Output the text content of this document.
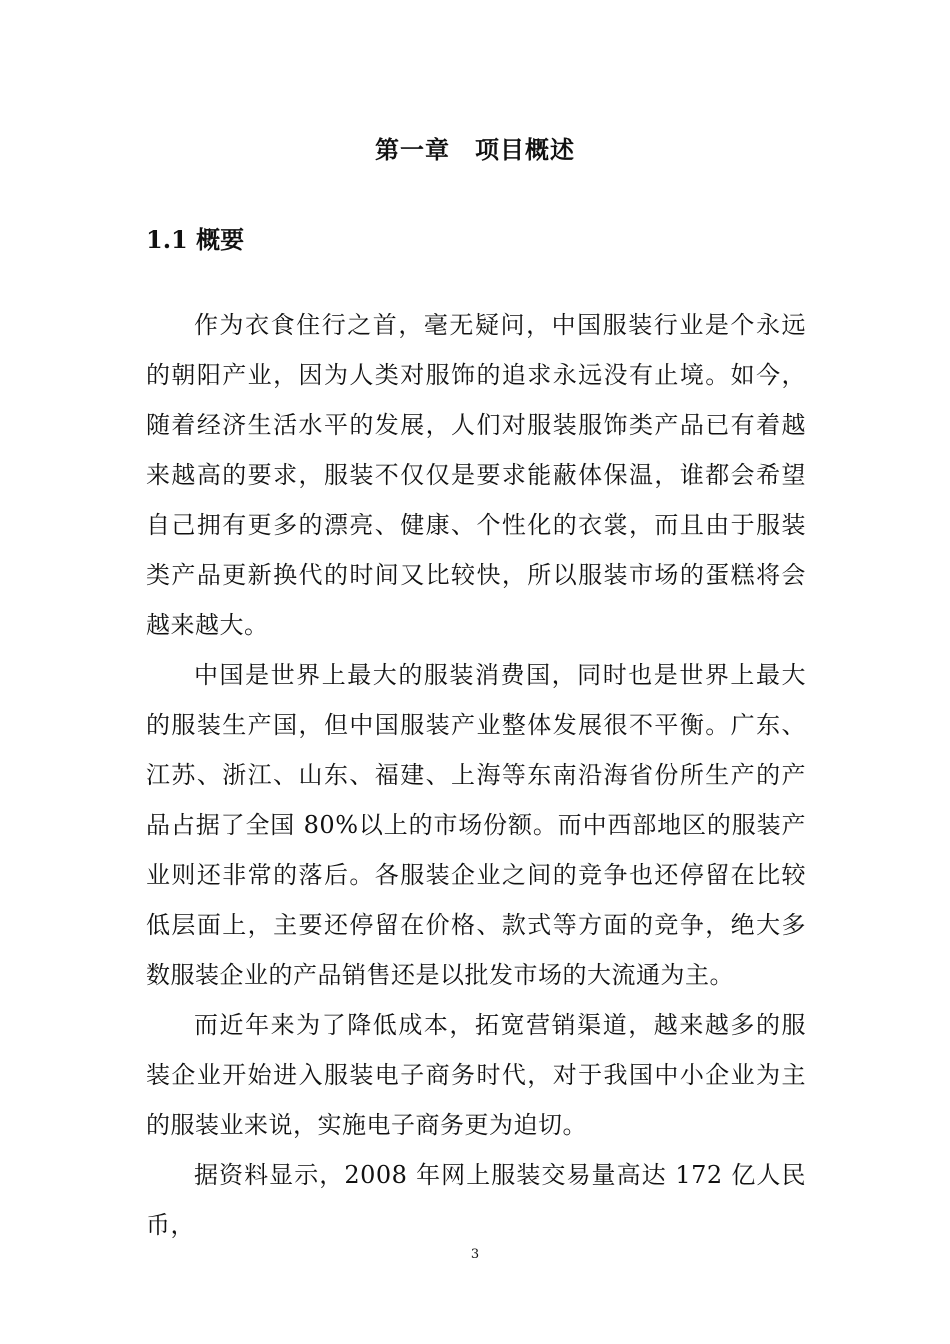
第一章　项目概述
1.1 概要

作为衣食住行之首，毫无疑问，中国服装行业是个永远的朝阳产业，因为人类对服饰的追求永远没有止境。如今，随着经济生活水平的发展，人们对服装服饰类产品已有着越来越高的要求，服装不仅仅是要求能蔽体保温，谁都会希望自己拥有更多的漂亮、健康、个性化的衣裳，而且由于服装类产品更新换代的时间又比较快，所以服装市场的蛋糕将会越来越大。

中国是世界上最大的服装消费国，同时也是世界上最大的服装生产国，但中国服装产业整体发展很不平衡。广东、江苏、浙江、山东、福建、上海等东南沿海省份所生产的产品占据了全国 80%以上的市场份额。而中西部地区的服装产业则还非常的落后。各服装企业之间的竞争也还停留在比较低层面上，主要还停留在价格、款式等方面的竞争，绝大多数服装企业的产品销售还是以批发市场的大流通为主。

而近年来为了降低成本，拓宽营销渠道，越来越多的服装企业开始进入服装电子商务时代，对于我国中小企业为主的服装业来说，实施电子商务更为迫切。

据资料显示，2008 年网上服装交易量高达 172 亿人民币，

3
